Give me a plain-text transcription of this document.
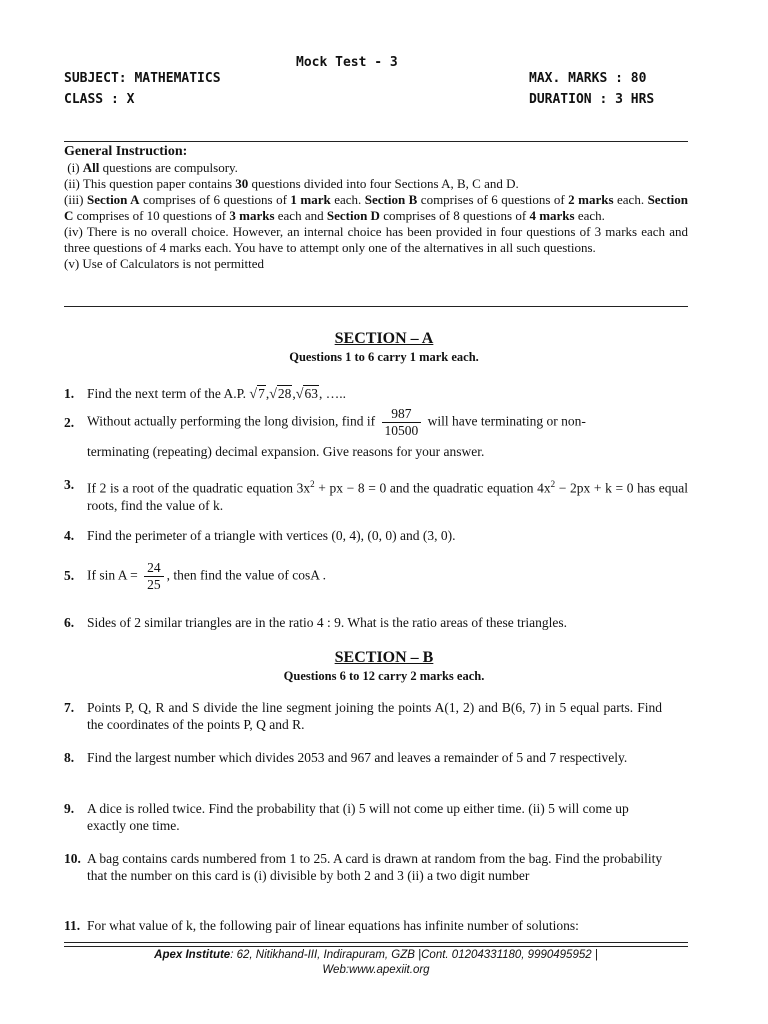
Mock Test - 3
SUBJECT: MATHEMATICS	MAX. MARKS : 80
CLASS : X	DURATION : 3 HRS
General Instruction:

(i) All questions are compulsory.

(ii) This question paper contains 30 questions divided into four Sections A, B, C and D.

(iii) Section A comprises of 6 questions of 1 mark each. Section B comprises of 6 questions of 2 marks each. Section C comprises of 10 questions of 3 marks each and Section D comprises of 8 questions of 4 marks each.

(iv) There is no overall choice. However, an internal choice has been provided in four questions of 3 marks each and three questions of 4 marks each. You have to attempt only one of the alternatives in all such questions.

(v) Use of Calculators is not permitted

SECTION – A
Questions 1 to 6 carry 1 mark each.
1. Find the next term of the A.P. √7,√28,√63, …..
2. Without actually performing the long division, find if $\frac{987}{10500}$ will have terminating or non-
terminating (repeating) decimal expansion. Give reasons for your answer.
3. If 2 is a root of the quadratic equation $3x^2$ + px − 8 = 0 and the quadratic equation $4x^2 - 2px + k = 0$ has equal roots, find the value of k.
4. Find the perimeter of a triangle with vertices (0, 4), (0, 0) and (3, 0).
5. If $\sin A = \frac{24}{25}$ , then find the value of cosA .
6. Sides of 2 similar triangles are in the ratio 4 : 9. What is the ratio areas of these triangles.
SECTION – B
Questions 6 to 12 carry 2 marks each.
7. Points P, Q, R and S divide the line segment joining the points A(1, 2) and B(6, 7) in 5 equal parts. Find the coordinates of the points P, Q and R.
8. Find the largest number which divides 2053 and 967 and leaves a remainder of 5 and 7 respectively.
9. A dice is rolled twice. Find the probability that (i) 5 will not come up either time. (ii) 5 will come up exactly one time.
10. A bag contains cards numbered from 1 to 25. A card is drawn at random from the bag. Find the probability that the number on this card is (i) divisible by both 2 and 3 (ii) a two digit number
11. For what value of k, the following pair of linear equations has infinite number of solutions:
Apex Institute: 62, Nitikhand-III, Indirapuram, GZB |Cont. 01204331180, 9990495952 |
Web:www.apexiit.org
